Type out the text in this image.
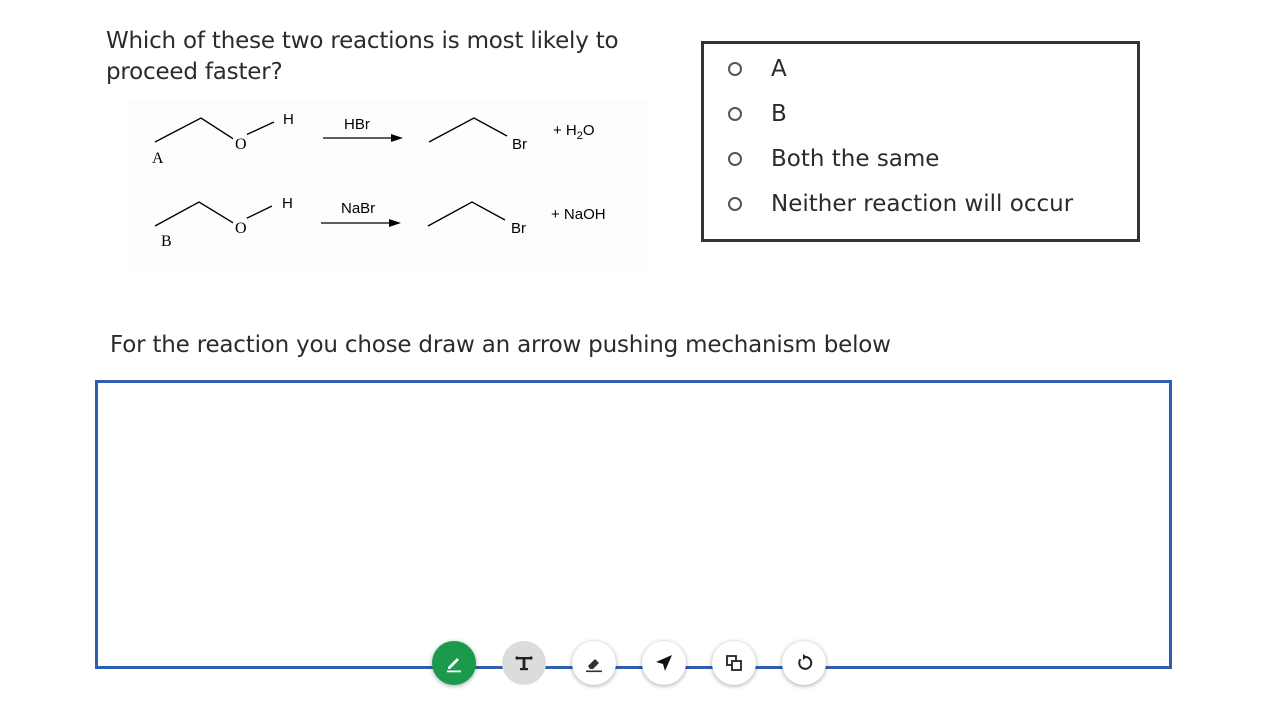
Which of these two reactions is most likely to proceed faster?
O
H
A
HBr
Br
+ $H_2O$
O
H
B
NaBr
Br
+ NaOH
A
B
Both the same
Neither reaction will occur
For the reaction you chose draw an arrow pushing mechanism below
